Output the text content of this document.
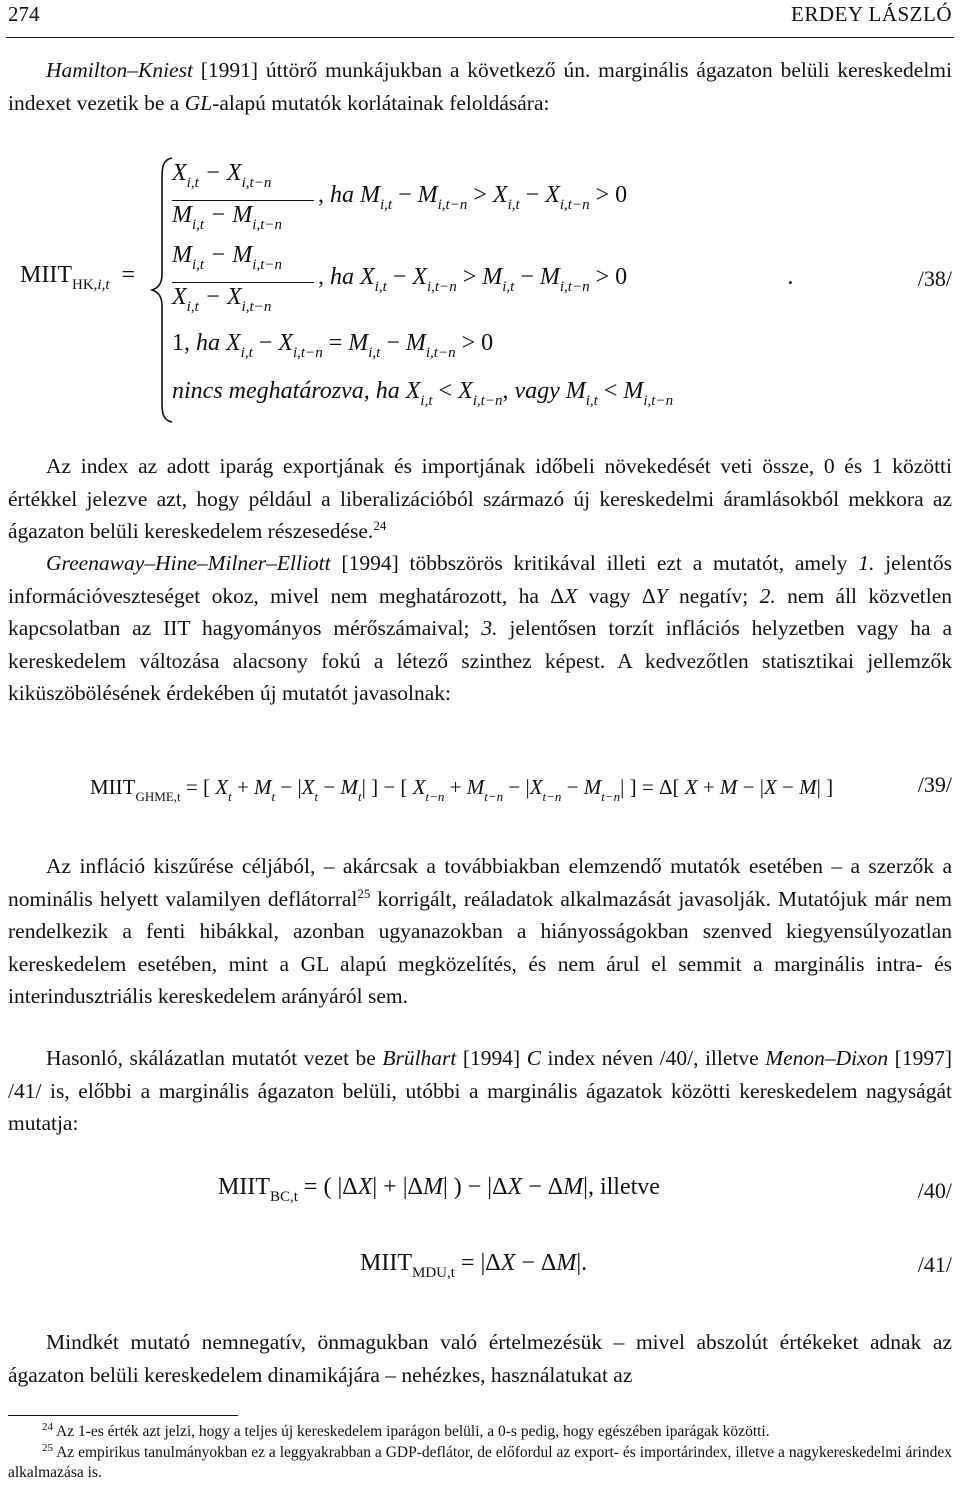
274	ERDEY LÁSZLÓ
Hamilton–Kniest [1991] úttörő munkájukban a következő ún. marginális ágazaton belüli kereskedelmi indexet vezetik be a GL-alapú mutatók korlátainak feloldására:
$MIIT_{HK,i,t}$ =
$X_{i,t} - X_{i,t-n}$
$M_{i,t} - M_{i,t-n}$
, ha $M_{i,t} - M_{i,t-n} > X_{i,t} - X_{i,t-n} > 0$
$M_{i,t} - M_{i,t-n}$
$X_{i,t} - X_{i,t-n}$
, ha $X_{i,t} - X_{i,t-n} > M_{i,t} - M_{i,t-n} > 0$	.
1, ha $X_{i,t} - X_{i,t-n} = M_{i,t} - M_{i,t-n} > 0$
nincs meghatározva, ha $X_{i,t} < X_{i,t-n}$, vagy $M_{i,t} < M_{i,t-n}$
/38/
Az index az adott iparág exportjának és importjának időbeli növekedését veti össze, 0 és 1 közötti értékkel jelezve azt, hogy például a liberalizációból származó új kereskedelmi áramlásokból mekkora az ágazaton belüli kereskedelem részesedése.$^{24}$
Greenaway–Hine–Milner–Elliott [1994] többszörös kritikával illeti ezt a mutatót, amely 1. jelentős információveszteséget okoz, mivel nem meghatározott, ha ΔX vagy ΔY negatív; 2. nem áll közvetlen kapcsolatban az IIT hagyományos mérőszámaival; 3. jelentősen torzít inflációs helyzetben vagy ha a kereskedelem változása alacsony fokú a létező szinthez képest. A kedvezőtlen statisztikai jellemzők kiküszöbölésének érdekében új mutatót javasolnak:
$MIIT_{GHME,t}$ = [ $X_t + M_t - |X_t - M_t|$ ] − [ $X_{t-n} + M_{t-n} - |X_{t-n} - M_{t-n}|$ ] = Δ[ X + M − |X − M| ]	/39/
Az infláció kiszűrése céljából, – akárcsak a továbbiakban elemzendő mutatók esetében – a szerzők a nominális helyett valamilyen deflátorral$^{25}$ korrigált, reáladatok alkalmazását javasolják. Mutatójuk már nem rendelkezik a fenti hibákkal, azonban ugyanazokban a hiányosságokban szenved kiegyensúlyozatlan kereskedelem esetében, mint a GL alapú megközelítés, és nem árul el semmit a marginális intra- és interindusztriális kereskedelem arányáról sem.
Hasonló, skálázatlan mutatót vezet be Brülhart [1994] C index néven /40/, illetve Menon–Dixon [1997] /41/ is, előbbi a marginális ágazaton belüli, utóbbi a marginális ágazatok közötti kereskedelem nagyságát mutatja:
$MIIT_{BC,t}$ = ( |ΔX| + |ΔM| ) − |ΔX − ΔM|, illetve	/40/
$MIIT_{MDU,t} = |\Delta X - \Delta M|$.	/41/
Mindkét mutató nemnegatív, önmagukban való értelmezésük – mivel abszolút értékeket adnak az ágazaton belüli kereskedelem dinamikájára – nehézkes, használatukat az
$^{24}$ Az 1-es érték azt jelzi, hogy a teljes új kereskedelem iparágon belüli, a 0-s pedig, hogy egészében iparágak közötti.
$^{25}$ Az empirikus tanulmányokban ez a leggyakrabban a GDP-deflátor, de előfordul az export- és importárindex, illetve a nagykereskedelmi árindex alkalmazása is.
